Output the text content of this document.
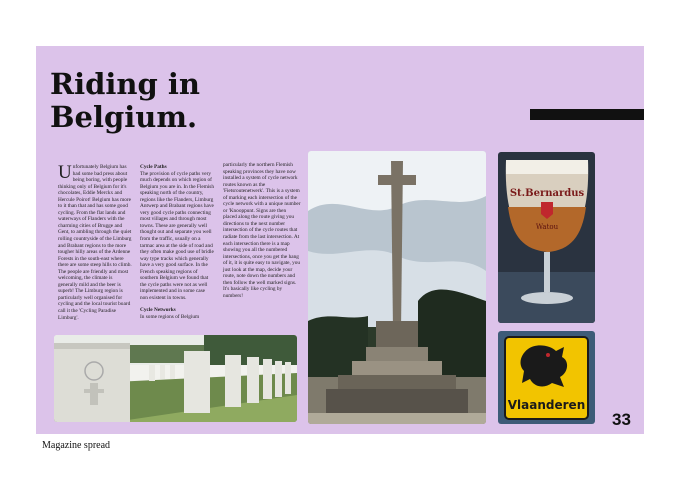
Riding in
Belgium.

Unfortunately Belgium has had some bad press about being boring, with people thinking only of Belgium for it's chocolates, Eddie Merckx and Hercule Poirot! Belgium has more to it than that and has some good cycling. From the flat lands and waterways of Flanders with the charming cities of Brugge and Gent, to ambling through the quiet rolling countryside of the Limburg and Brabant regions to the more tougher hilly areas of the Ardenne Forests in the south-east where there are some steep hills to climb. The people are friendly and most welcoming, the climate is generally mild and the beer is superb! The Limburg region is particularly well organised for cycling and the local tourist board call it the 'Cycling Paradise Limburg'.

Cycle Paths

The provision of cycle paths very much depends on which region of Belgium you are in. In the Flemish speaking north of the country, regions like the Flanders, Limburg Antwerp and Brabant regions have very good cycle paths connecting most villages and through most towns. These are generally well thought out and separate you well from the traffic, usually on a tarmac area at the side of road and they often make good use of bridle way type tracks which generally have a very good surface. In the French speaking regions of southern Belgium we found that the cycle paths were not as well implemented and in some case non existent in towns.

Cycle Networks

In some regions of Belgium

particularly the northern Flemish speaking provinces they have now installed a system of cycle network routes known as the 'Fietsroutenetwerk'. This is a system of marking each intersection of the cycle network with a unique number or 'Knooppunt. Signs are then placed along the route giving you directions to the next number intersection of the cycle routes that radiate from the last intersection. At each intersection there is a map showing you all the numbered intersections, once you get the hang of it, it is quite easy to navigate, you just look at the map, decide your route, note down the numbers and then follow the well marked signs. It's basically like cycling by numbers!

St.Bernardus
Watou
Vlaanderen
33
Magazine spread
